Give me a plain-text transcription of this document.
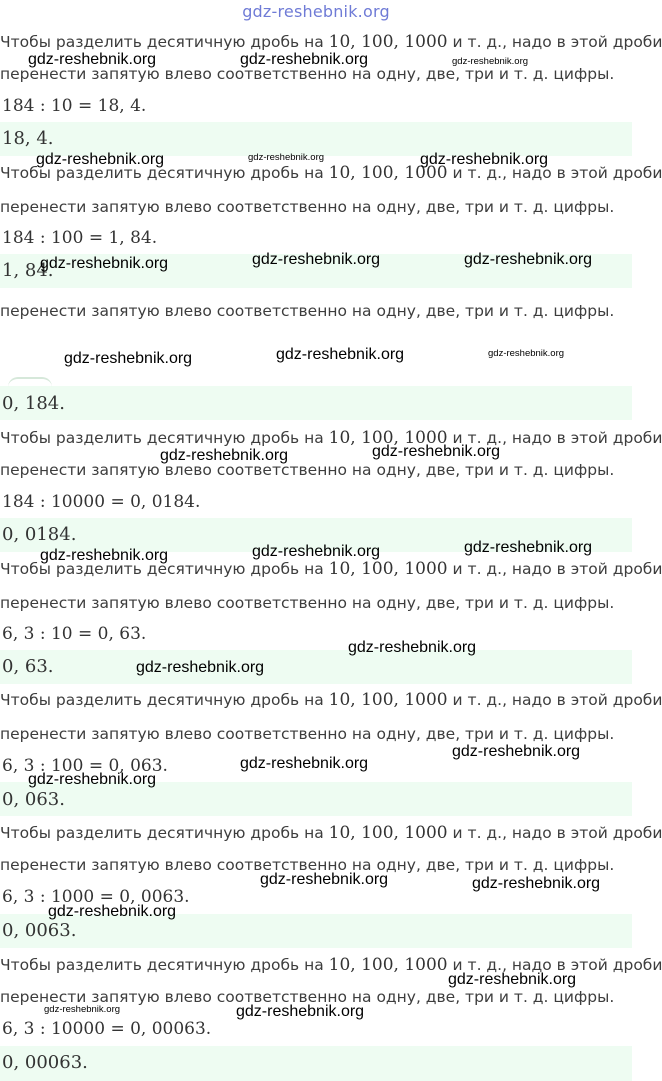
gdz-reshebnik.org
Чтобы разделить десятичную дробь на 10, 100, 1000 и т. д., надо в этой дроби
перенести запятую влево соответственно на одну, две, три и т. д. цифры.
184 : 10 = 18, 4.
18, 4.
Чтобы разделить десятичную дробь на 10, 100, 1000 и т. д., надо в этой дроби
перенести запятую влево соответственно на одну, две, три и т. д. цифры.
184 : 100 = 1, 84.
1, 84.
перенести запятую влево соответственно на одну, две, три и т. д. цифры.
0, 184.
Чтобы разделить десятичную дробь на 10, 100, 1000 и т. д., надо в этой дроби
перенести запятую влево соответственно на одну, две, три и т. д. цифры.
184 : 10000 = 0, 0184.
0, 0184.
Чтобы разделить десятичную дробь на 10, 100, 1000 и т. д., надо в этой дроби
перенести запятую влево соответственно на одну, две, три и т. д. цифры.
6, 3 : 10 = 0, 63.
0, 63.
Чтобы разделить десятичную дробь на 10, 100, 1000 и т. д., надо в этой дроби
перенести запятую влево соответственно на одну, две, три и т. д. цифры.
6, 3 : 100 = 0, 063.
0, 063.
Чтобы разделить десятичную дробь на 10, 100, 1000 и т. д., надо в этой дроби
перенести запятую влево соответственно на одну, две, три и т. д. цифры.
6, 3 : 1000 = 0, 0063.
0, 0063.
Чтобы разделить десятичную дробь на 10, 100, 1000 и т. д., надо в этой дроби
перенести запятую влево соответственно на одну, две, три и т. д. цифры.
6, 3 : 10000 = 0, 00063.
0, 00063.
gdz-reshebnik.org	gdz-reshebnik.org	gdz-reshebnik.org
gdz-reshebnik.org	gdz-reshebnik.org	gdz-reshebnik.org
gdz-reshebnik.org	gdz-reshebnik.org	gdz-reshebnik.org
gdz-reshebnik.org	gdz-reshebnik.org	gdz-reshebnik.org
gdz-reshebnik.org	gdz-reshebnik.org
gdz-reshebnik.org	gdz-reshebnik.org	gdz-reshebnik.org
gdz-reshebnik.org
gdz-reshebnik.org
gdz-reshebnik.org
gdz-reshebnik.org
gdz-reshebnik.org
gdz-reshebnik.org
gdz-reshebnik.org	gdz-reshebnik.org
gdz-reshebnik.org	gdz-reshebnik.org
gdz-reshebnik.org
